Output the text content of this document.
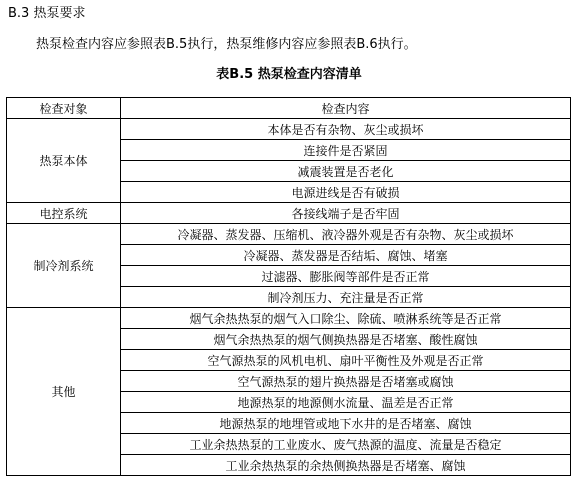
B.3 热泵要求
热泵检查内容应参照表B.5执行，热泵维修内容应参照表B.6执行。
表B.5 热泵检查内容清单
检查对象	检查内容
热泵本体	本体是否有杂物、灰尘或损坏
	连接件是否紧固
	减震装置是否老化
	电源进线是否有破损
电控系统	各接线端子是否牢固
制冷剂系统	冷凝器、蒸发器、压缩机、液冷器外观是否有杂物、灰尘或损坏
	冷凝器、蒸发器是否结垢、腐蚀、堵塞
	过滤器、膨胀阀等部件是否正常
	制冷剂压力、充注量是否正常
其他	烟气余热热泵的烟气入口除尘、除硫、喷淋系统等是否正常
	烟气余热热泵的烟气侧换热器是否堵塞、酸性腐蚀
	空气源热泵的风机电机、扇叶平衡性及外观是否正常
	空气源热泵的翅片换热器是否堵塞或腐蚀
	地源热泵的地源侧水流量、温差是否正常
	地源热泵的地埋管或地下水井的是否堵塞、腐蚀
	工业余热热泵的工业废水、废气热源的温度、流量是否稳定
	工业余热热泵的余热侧换热器是否堵塞、腐蚀
